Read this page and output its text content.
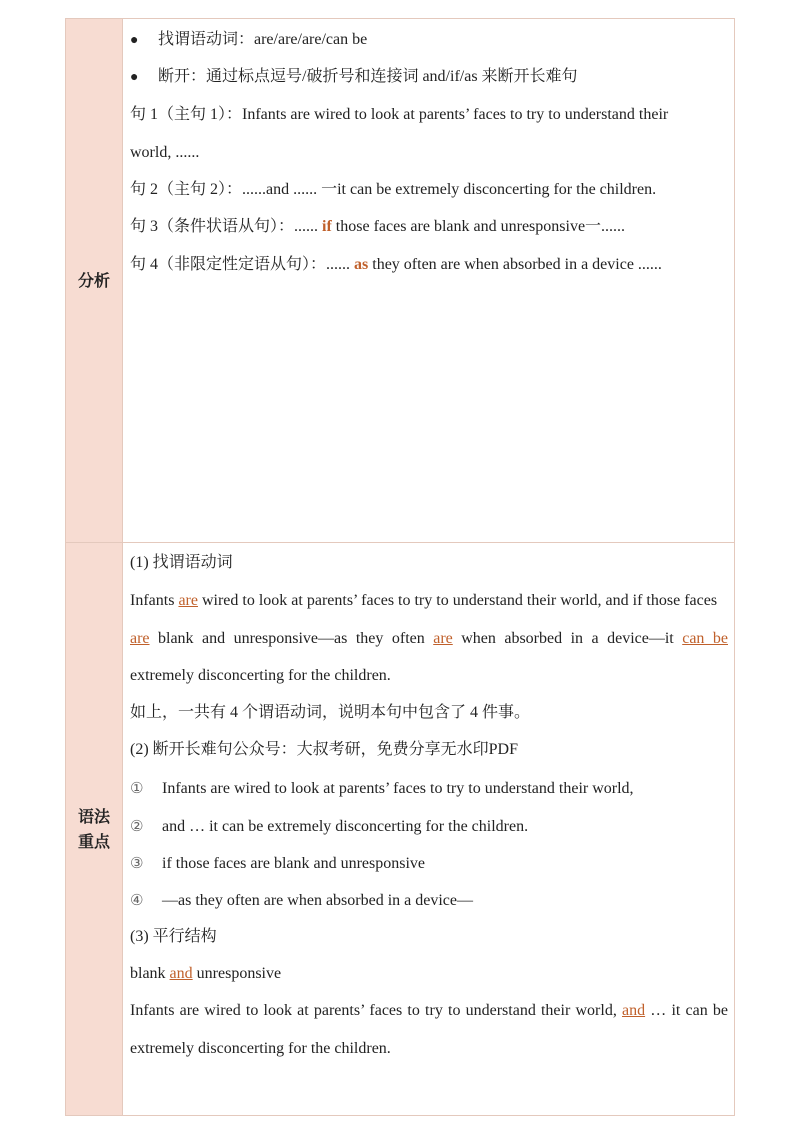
分析
● 找谓语动词：are/are/are/can be
● 断开：通过标点逗号/破折号和连接词 and/if/as 来断开长难句
句 1（主句 1）：Infants are wired to look at parents’ faces to try to understand their
world, ......
句 2（主句 2）：......and ...... 一it can be extremely disconcerting for the children.
句 3（条件状语从句）：...... if those faces are blank and unresponsive一......
句 4（非限定性定语从句）：...... as they often are when absorbed in a device ......
语法重点
(1) 找谓语动词
Infants are wired to look at parents’ faces to try to understand their world, and if those faces
are blank and unresponsive—as they often are when absorbed in a device—it can be
extremely disconcerting for the children.
如上，一共有 4 个谓语动词，说明本句中包含了 4 件事。
(2) 断开长难句公众号：大叔考研，免费分享无水印PDF
① Infants are wired to look at parents’ faces to try to understand their world,
② and … it can be extremely disconcerting for the children.
③ if those faces are blank and unresponsive
④ —as they often are when absorbed in a device—
(3) 平行结构
blank and unresponsive
Infants are wired to look at parents’ faces to try to understand their world, and … it can be
extremely disconcerting for the children.
